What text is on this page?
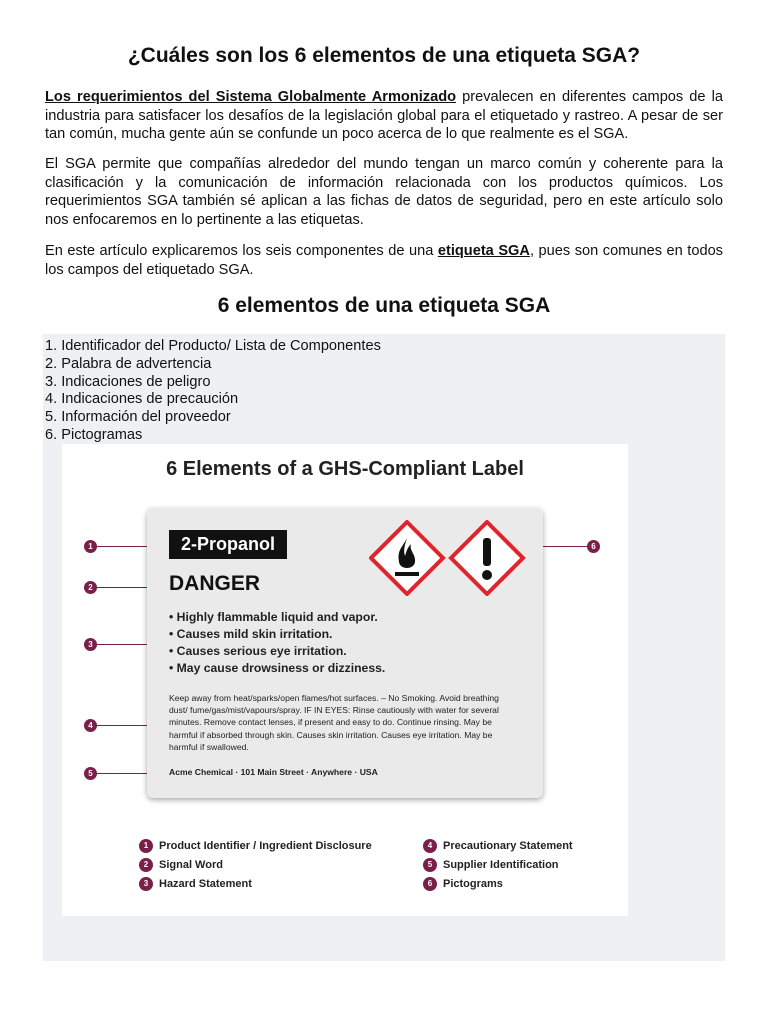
¿Cuáles son los 6 elementos de una etiqueta SGA?

Los requerimientos del Sistema Globalmente Armonizado prevalecen en diferentes campos de la industria para satisfacer los desafíos de la legislación global para el etiquetado y rastreo. A pesar de ser tan común, mucha gente aún se confunde un poco acerca de lo que realmente es el SGA.

El SGA permite que compañías alrededor del mundo tengan un marco común y coherente para la clasificación y la comunicación de información relacionada con los productos químicos. Los requerimientos SGA también sé aplican a las fichas de datos de seguridad, pero en este artículo solo nos enfocaremos en lo pertinente a las etiquetas.

En este artículo explicaremos los seis componentes de una etiqueta SGA, pues son comunes en todos los campos del etiquetado SGA.

6 elementos de una etiqueta SGA
1. Identificador del Producto/ Lista de Componentes
2. Palabra de advertencia
3. Indicaciones de peligro
4. Indicaciones de precaución
5. Información del proveedor
6. Pictogramas
6 Elements of a GHS-Compliant Label
1
2
3
4
5
6
2-Propanol
DANGER
• Highly flammable liquid and vapor.
• Causes mild skin irritation.
• Causes serious eye irritation.
• May cause drowsiness or dizziness.

Keep away from heat/sparks/open flames/hot surfaces. – No Smoking. Avoid breathing dust/ fume/gas/mist/vapours/spray. IF IN EYES: Rinse cautiously with water for several minutes. Remove contact lenses, if present and easy to do. Continue rinsing. May be harmful if absorbed through skin. Causes skin irritation. Causes eye irritation. May be harmful if swallowed.

Acme Chemical · 101 Main Street · Anywhere · USA
1 Product Identifier / Ingredient Disclosure
2 Signal Word
3 Hazard Statement
4 Precautionary Statement
5 Supplier Identification
6 Pictograms
